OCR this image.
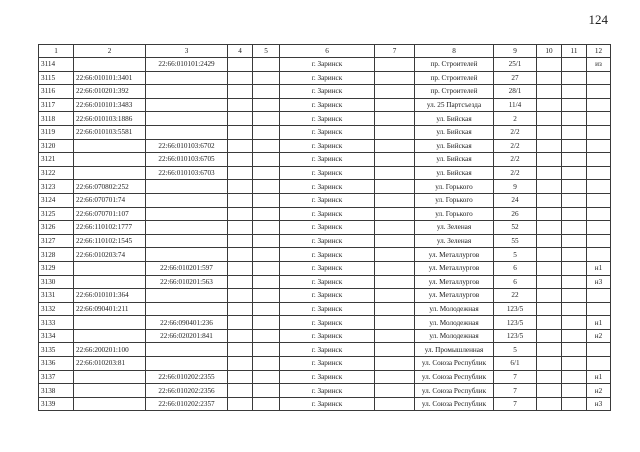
124
1	2	3	4	5	6	7	8	9	10	11	12
3114		22:66:010101:2429			г. Заринск		пр. Строителей	25/1			из
3115	22:66:010101:3401				г. Заринск		пр. Строителей	27			
3116	22:66:010201:392				г. Заринск		пр. Строителей	28/1			
3117	22:66:010101:3483				г. Заринск		ул. 25 Партсъезда	11/4			
3118	22:66:010103:1886				г. Заринск		ул. Бийская	2			
3119	22:66:010103:5581				г. Заринск		ул. Бийская	2/2			
3120		22:66:010103:6702			г. Заринск		ул. Бийская	2/2			
3121		22:66:010103:6705			г. Заринск		ул. Бийская	2/2			
3122		22:66:010103:6703			г. Заринск		ул. Бийская	2/2			
3123	22:66:070802:252				г. Заринск		ул. Горького	9			
3124	22:66:070701:74				г. Заринск		ул. Горького	24			
3125	22:66:070701:107				г. Заринск		ул. Горького	26			
3126	22:66:110102:1777				г. Заринск		ул. Зеленая	52			
3127	22:66:110102:1545				г. Заринск		ул. Зеленая	55			
3128	22:66:010203:74				г. Заринск		ул. Металлургов	5			
3129		22:66:010201:597			г. Заринск		ул. Металлургов	6			н1
3130		22:66:010201:563			г. Заринск		ул. Металлургов	6			н3
3131	22:66:010101:364				г. Заринск		ул. Металлургов	22			
3132	22:66:090401:211				г. Заринск		ул. Молодежная	123/5			
3133		22:66:090401:236			г. Заринск		ул. Молодежная	123/5			н1
3134		22:66:020201:841			г. Заринск		ул. Молодежная	123/5			н2
3135	22:66:200201:100				г. Заринск		ул. Промышленная	5			
3136	22:66:010203:81				г. Заринск		ул. Союза Республик	6/1			
3137		22:66:010202:2355			г. Заринск		ул. Союза Республик	7			н1
3138		22:66:010202:2356			г. Заринск		ул. Союза Республик	7			н2
3139		22:66:010202:2357			г. Заринск		ул. Союза Республик	7			н3
